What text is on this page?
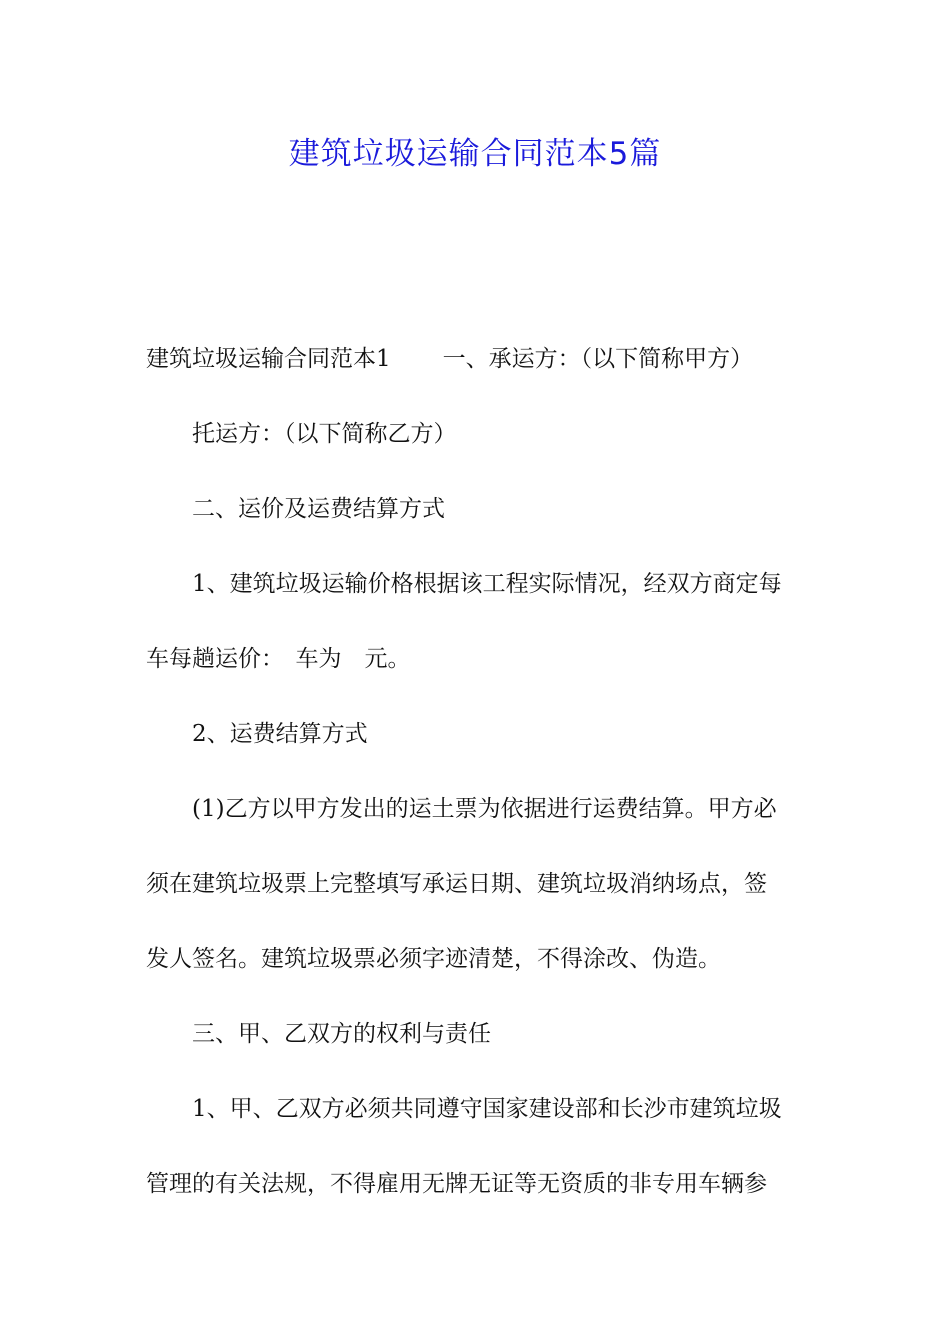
建筑垃圾运输合同范本5篇
建筑垃圾运输合同范本1 一、承运方：（以下简称甲方）
托运方：（以下简称乙方）
二、运价及运费结算方式
1、建筑垃圾运输价格根据该工程实际情况，经双方商定每
车每趟运价：　车为　元。
2、运费结算方式
(1)乙方以甲方发出的运土票为依据进行运费结算。甲方必
须在建筑垃圾票上完整填写承运日期、建筑垃圾消纳场点，签
发人签名。建筑垃圾票必须字迹清楚，不得涂改、伪造。
三、甲、乙双方的权利与责任
1、甲、乙双方必须共同遵守国家建设部和长沙市建筑垃圾
管理的有关法规，不得雇用无牌无证等无资质的非专用车辆参
